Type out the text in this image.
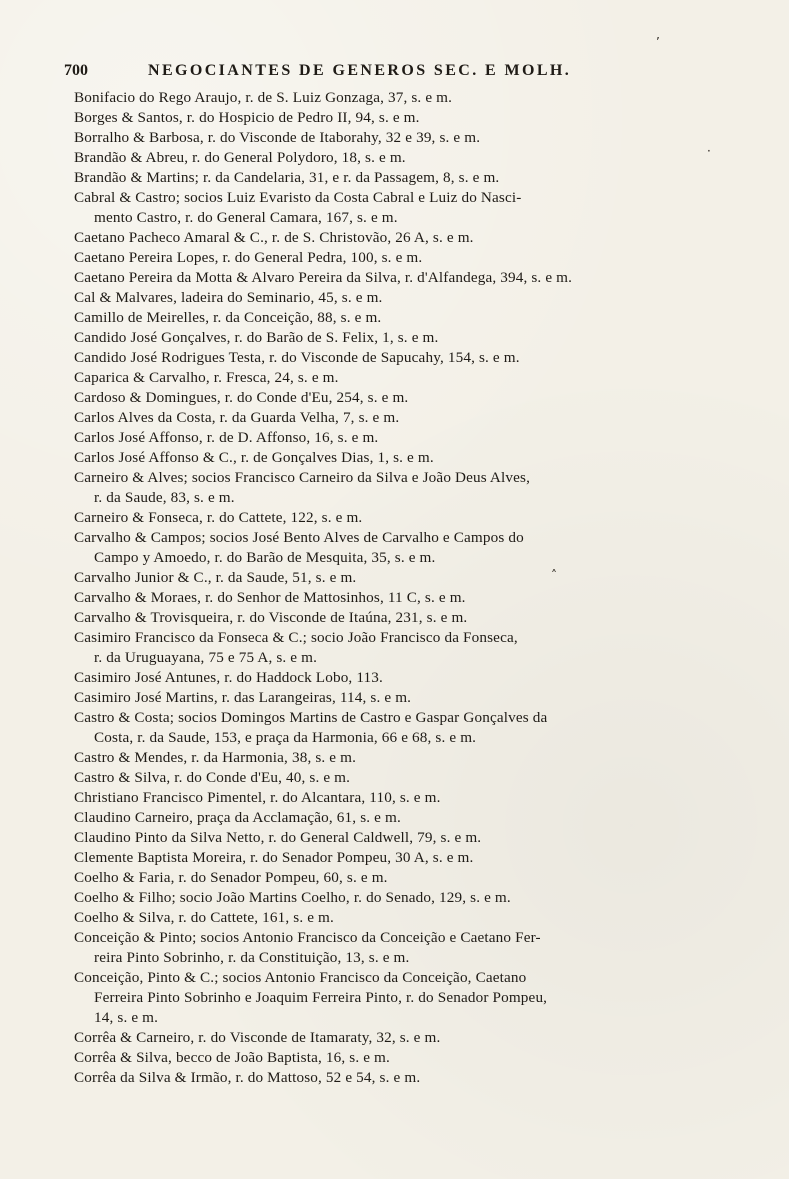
700	NEGOCIANTES DE GENEROS SEC. E MOLH.
Bonifacio do Rego Araujo, r. de S. Luiz Gonzaga, 37, s. e m.
Borges & Santos, r. do Hospicio de Pedro II, 94, s. e m.
Borralho & Barbosa, r. do Visconde de Itaborahy, 32 e 39, s. e m.
Brandão & Abreu, r. do General Polydoro, 18, s. e m.
Brandão & Martins; r. da Candelaria, 31, e r. da Passagem, 8, s. e m.
Cabral & Castro; socios Luiz Evaristo da Costa Cabral e Luiz do Nasci-
mento Castro, r. do General Camara, 167, s. e m.
Caetano Pacheco Amaral & C., r. de S. Christovão, 26 A, s. e m.
Caetano Pereira Lopes, r. do General Pedra, 100, s. e m.
Caetano Pereira da Motta & Alvaro Pereira da Silva, r. d'Alfandega, 394, s. e m.
Cal & Malvares, ladeira do Seminario, 45, s. e m.
Camillo de Meirelles, r. da Conceição, 88, s. e m.
Candido José Gonçalves, r. do Barão de S. Felix, 1, s. e m.
Candido José Rodrigues Testa, r. do Visconde de Sapucahy, 154, s. e m.
Caparica & Carvalho, r. Fresca, 24, s. e m.
Cardoso & Domingues, r. do Conde d'Eu, 254, s. e m.
Carlos Alves da Costa, r. da Guarda Velha, 7, s. e m.
Carlos José Affonso, r. de D. Affonso, 16, s. e m.
Carlos José Affonso & C., r. de Gonçalves Dias, 1, s. e m.
Carneiro & Alves; socios Francisco Carneiro da Silva e João Deus Alves,
r. da Saude, 83, s. e m.
Carneiro & Fonseca, r. do Cattete, 122, s. e m.
Carvalho & Campos; socios José Bento Alves de Carvalho e Campos do
Campo y Amoedo, r. do Barão de Mesquita, 35, s. e m.
Carvalho Junior & C., r. da Saude, 51, s. e m.
Carvalho & Moraes, r. do Senhor de Mattosinhos, 11 C, s. e m.
Carvalho & Trovisqueira, r. do Visconde de Itaúna, 231, s. e m.
Casimiro Francisco da Fonseca & C.; socio João Francisco da Fonseca,
r. da Uruguayana, 75 e 75 A, s. e m.
Casimiro José Antunes, r. do Haddock Lobo, 113.
Casimiro José Martins, r. das Larangeiras, 114, s. e m.
Castro & Costa; socios Domingos Martins de Castro e Gaspar Gonçalves da
Costa, r. da Saude, 153, e praça da Harmonia, 66 e 68, s. e m.
Castro & Mendes, r. da Harmonia, 38, s. e m.
Castro & Silva, r. do Conde d'Eu, 40, s. e m.
Christiano Francisco Pimentel, r. do Alcantara, 110, s. e m.
Claudino Carneiro, praça da Acclamação, 61, s. e m.
Claudino Pinto da Silva Netto, r. do General Caldwell, 79, s. e m.
Clemente Baptista Moreira, r. do Senador Pompeu, 30 A, s. e m.
Coelho & Faria, r. do Senador Pompeu, 60, s. e m.
Coelho & Filho; socio João Martins Coelho, r. do Senado, 129, s. e m.
Coelho & Silva, r. do Cattete, 161, s. e m.
Conceição & Pinto; socios Antonio Francisco da Conceição e Caetano Fer-
reira Pinto Sobrinho, r. da Constituição, 13, s. e m.
Conceição, Pinto & C.; socios Antonio Francisco da Conceição, Caetano
Ferreira Pinto Sobrinho e Joaquim Ferreira Pinto, r. do Senador Pompeu,
14, s. e m.
Corrêa & Carneiro, r. do Visconde de Itamaraty, 32, s. e m.
Corrêa & Silva, becco de João Baptista, 16, s. e m.
Corrêa da Silva & Irmão, r. do Mattoso, 52 e 54, s. e m.
’
·
˄
